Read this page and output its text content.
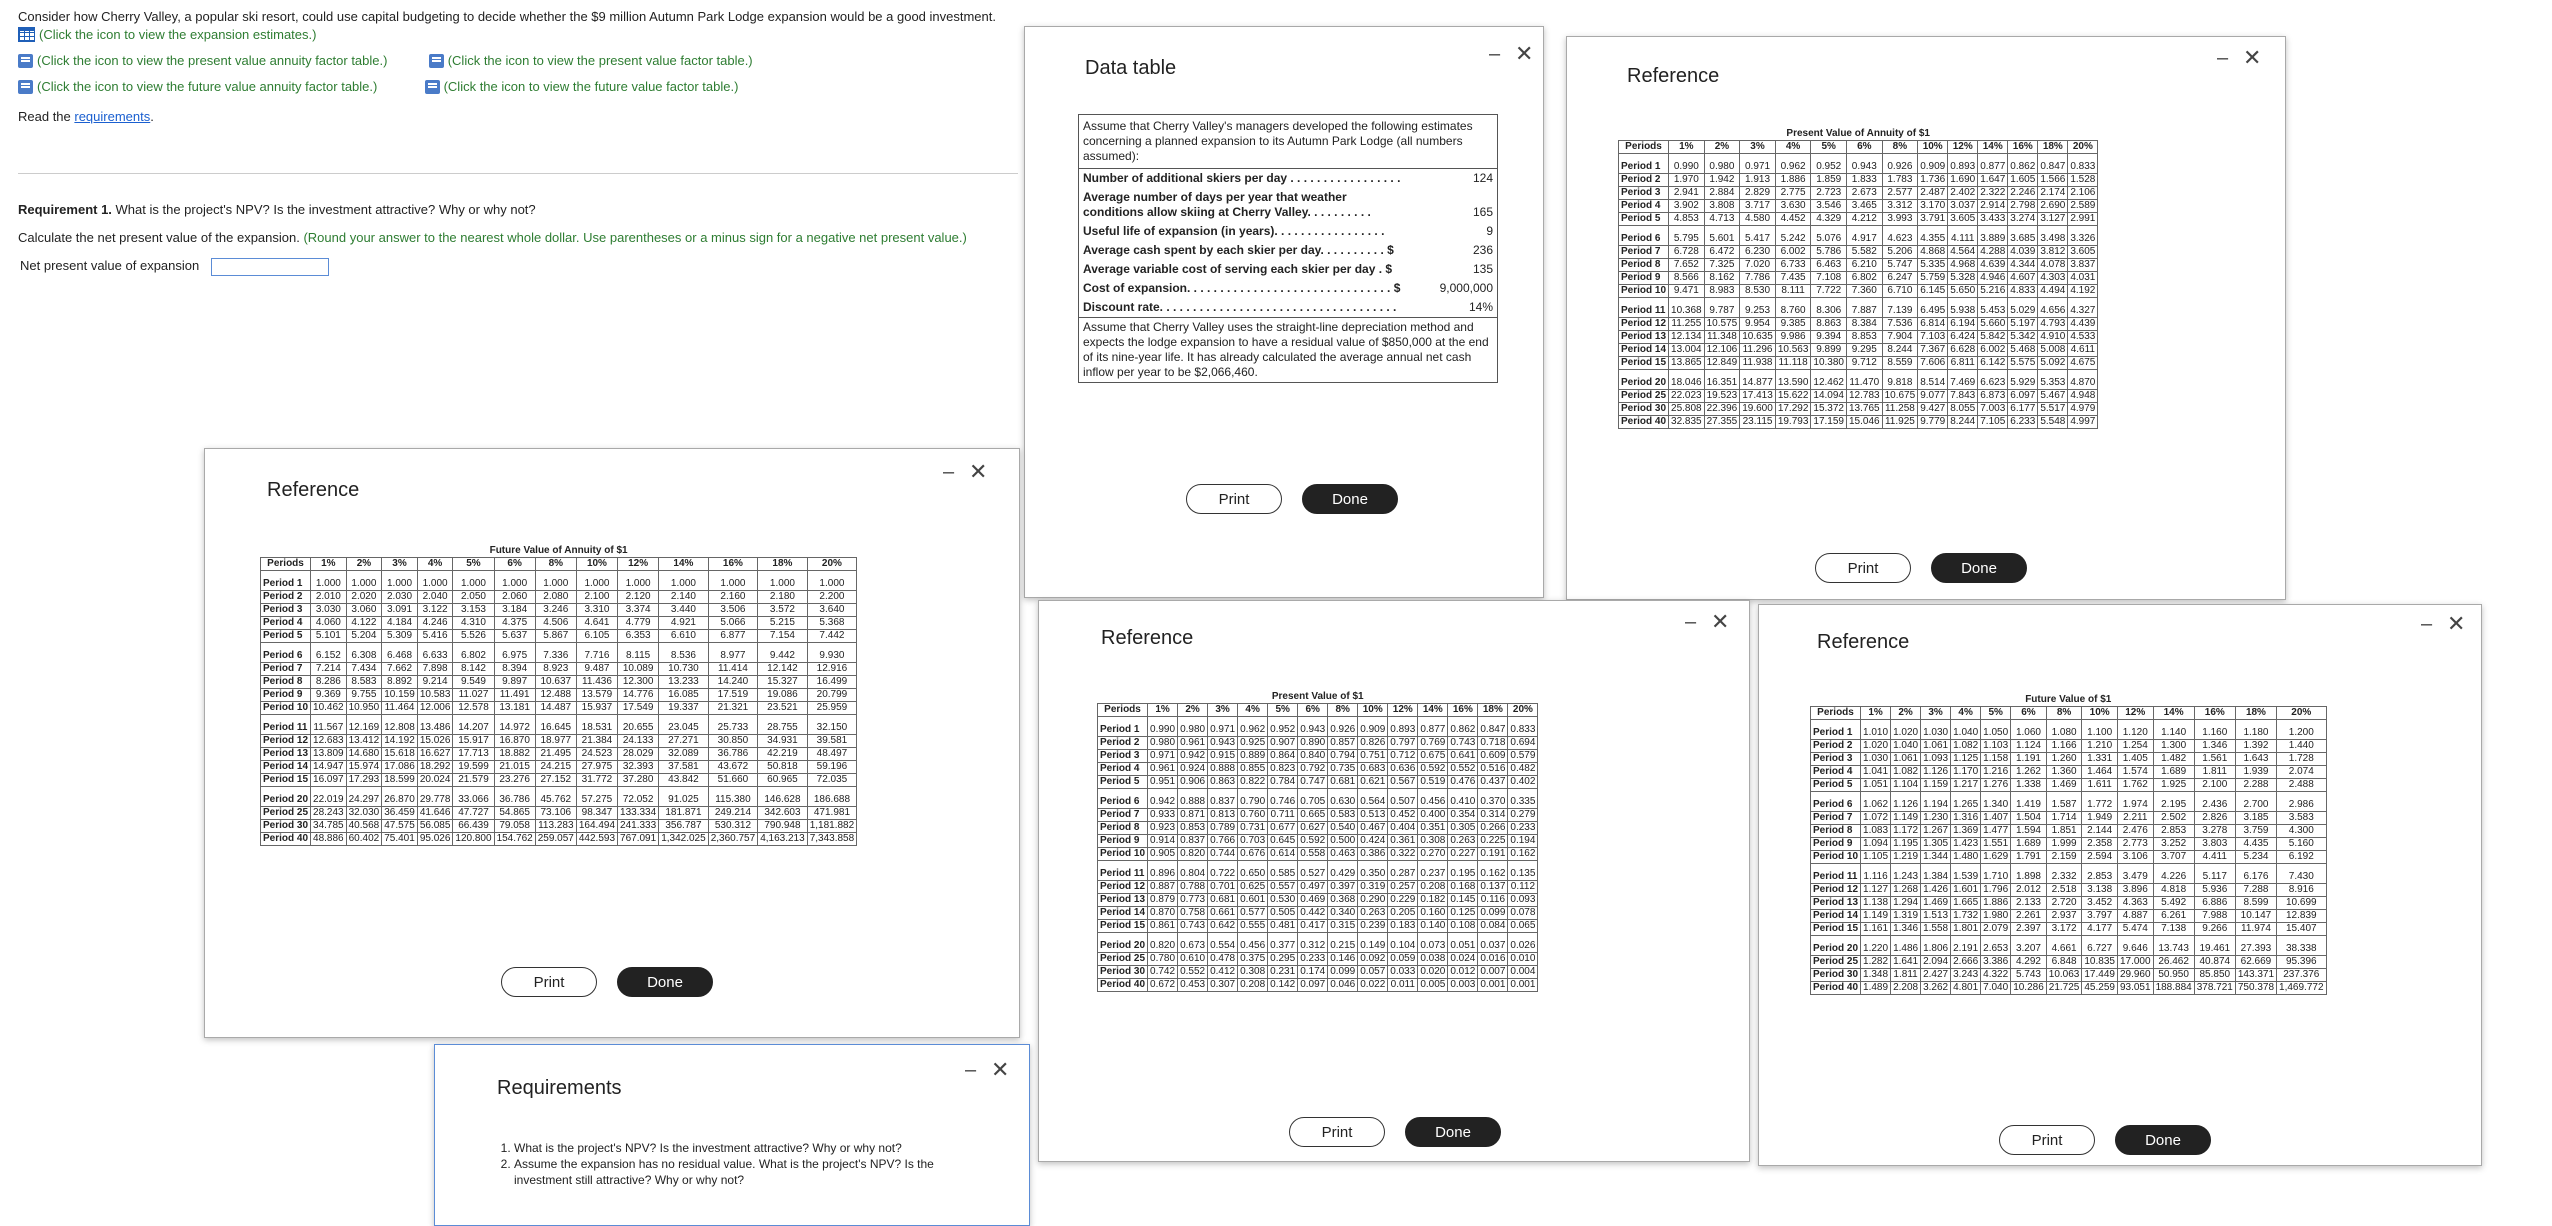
Consider how Cherry Valley, a popular ski resort, could use capital budgeting to decide whether the $9 million Autumn Park Lodge expansion would be a good investment.

(Click the icon to view the expansion estimates.)

(Click the icon to view the present value annuity factor table.)	(Click the icon to view the present value factor table.)

(Click the icon to view the future value annuity factor table.)	(Click the icon to view the future value factor table.)

Read the requirements.

Requirement 1. What is the project's NPV? Is the investment attractive? Why or why not?

Calculate the net present value of the expansion. (Round your answer to the nearest whole dollar. Use parentheses or a minus sign for a negative net present value.)

Net present value of expansion

Data table
– ✕
Assume that Cherry Valley's managers developed the following estimates concerning a planned expansion to its Autumn Park Lodge (all numbers assumed):
Number of additional skiers per day . . . . . . . . . . . . . . . . .	124
Average number of days per year that weather conditions allow skiing at Cherry Valley. . . . . . . . . .	165
Useful life of expansion (in years). . . . . . . . . . . . . . . . .	9
Average cash spent by each skier per day. . . . . . . . . . $	236
Average variable cost of serving each skier per day . $	135
Cost of expansion. . . . . . . . . . . . . . . . . . . . . . . . . . . . . . . $	9,000,000
Discount rate. . . . . . . . . . . . . . . . . . . . . . . . . . . . . . . . . . . .	14%
Assume that Cherry Valley uses the straight-line depreciation method and expects the lodge expansion to have a residual value of $850,000 at the end of its nine-year life. It has already calculated the average annual net cash inflow per year to be $2,066,460.
Print	Done
Reference
– ✕
Print	Done
Present Value of Annuity of $1													
Periods	1%	2%	3%	4%	5%	6%	8%	10%	12%	14%	16%	18%	20%
Period 1	0.990	0.980	0.971	0.962	0.952	0.943	0.926	0.909	0.893	0.877	0.862	0.847	0.833
Period 2	1.970	1.942	1.913	1.886	1.859	1.833	1.783	1.736	1.690	1.647	1.605	1.566	1.528
Period 3	2.941	2.884	2.829	2.775	2.723	2.673	2.577	2.487	2.402	2.322	2.246	2.174	2.106
Period 4	3.902	3.808	3.717	3.630	3.546	3.465	3.312	3.170	3.037	2.914	2.798	2.690	2.589
Period 5	4.853	4.713	4.580	4.452	4.329	4.212	3.993	3.791	3.605	3.433	3.274	3.127	2.991
Period 6	5.795	5.601	5.417	5.242	5.076	4.917	4.623	4.355	4.111	3.889	3.685	3.498	3.326
Period 7	6.728	6.472	6.230	6.002	5.786	5.582	5.206	4.868	4.564	4.288	4.039	3.812	3.605
Period 8	7.652	7.325	7.020	6.733	6.463	6.210	5.747	5.335	4.968	4.639	4.344	4.078	3.837
Period 9	8.566	8.162	7.786	7.435	7.108	6.802	6.247	5.759	5.328	4.946	4.607	4.303	4.031
Period 10	9.471	8.983	8.530	8.111	7.722	7.360	6.710	6.145	5.650	5.216	4.833	4.494	4.192
Period 11	10.368	9.787	9.253	8.760	8.306	7.887	7.139	6.495	5.938	5.453	5.029	4.656	4.327
Period 12	11.255	10.575	9.954	9.385	8.863	8.384	7.536	6.814	6.194	5.660	5.197	4.793	4.439
Period 13	12.134	11.348	10.635	9.986	9.394	8.853	7.904	7.103	6.424	5.842	5.342	4.910	4.533
Period 14	13.004	12.106	11.296	10.563	9.899	9.295	8.244	7.367	6.628	6.002	5.468	5.008	4.611
Period 15	13.865	12.849	11.938	11.118	10.380	9.712	8.559	7.606	6.811	6.142	5.575	5.092	4.675
Period 20	18.046	16.351	14.877	13.590	12.462	11.470	9.818	8.514	7.469	6.623	5.929	5.353	4.870
Period 25	22.023	19.523	17.413	15.622	14.094	12.783	10.675	9.077	7.843	6.873	6.097	5.467	4.948
Period 30	25.808	22.396	19.600	17.292	15.372	13.765	11.258	9.427	8.055	7.003	6.177	5.517	4.979
Period 40	32.835	27.355	23.115	19.793	17.159	15.046	11.925	9.779	8.244	7.105	6.233	5.548	4.997
Reference
– ✕
Print	Done
Future Value of Annuity of $1													
Periods	1%	2%	3%	4%	5%	6%	8%	10%	12%	14%	16%	18%	20%
Period 1	1.000	1.000	1.000	1.000	1.000	1.000	1.000	1.000	1.000	1.000	1.000	1.000	1.000
Period 2	2.010	2.020	2.030	2.040	2.050	2.060	2.080	2.100	2.120	2.140	2.160	2.180	2.200
Period 3	3.030	3.060	3.091	3.122	3.153	3.184	3.246	3.310	3.374	3.440	3.506	3.572	3.640
Period 4	4.060	4.122	4.184	4.246	4.310	4.375	4.506	4.641	4.779	4.921	5.066	5.215	5.368
Period 5	5.101	5.204	5.309	5.416	5.526	5.637	5.867	6.105	6.353	6.610	6.877	7.154	7.442
Period 6	6.152	6.308	6.468	6.633	6.802	6.975	7.336	7.716	8.115	8.536	8.977	9.442	9.930
Period 7	7.214	7.434	7.662	7.898	8.142	8.394	8.923	9.487	10.089	10.730	11.414	12.142	12.916
Period 8	8.286	8.583	8.892	9.214	9.549	9.897	10.637	11.436	12.300	13.233	14.240	15.327	16.499
Period 9	9.369	9.755	10.159	10.583	11.027	11.491	12.488	13.579	14.776	16.085	17.519	19.086	20.799
Period 10	10.462	10.950	11.464	12.006	12.578	13.181	14.487	15.937	17.549	19.337	21.321	23.521	25.959
Period 11	11.567	12.169	12.808	13.486	14.207	14.972	16.645	18.531	20.655	23.045	25.733	28.755	32.150
Period 12	12.683	13.412	14.192	15.026	15.917	16.870	18.977	21.384	24.133	27.271	30.850	34.931	39.581
Period 13	13.809	14.680	15.618	16.627	17.713	18.882	21.495	24.523	28.029	32.089	36.786	42.219	48.497
Period 14	14.947	15.974	17.086	18.292	19.599	21.015	24.215	27.975	32.393	37.581	43.672	50.818	59.196
Period 15	16.097	17.293	18.599	20.024	21.579	23.276	27.152	31.772	37.280	43.842	51.660	60.965	72.035
Period 20	22.019	24.297	26.870	29.778	33.066	36.786	45.762	57.275	72.052	91.025	115.380	146.628	186.688
Period 25	28.243	32.030	36.459	41.646	47.727	54.865	73.106	98.347	133.334	181.871	249.214	342.603	471.981
Period 30	34.785	40.568	47.575	56.085	66.439	79.058	113.283	164.494	241.333	356.787	530.312	790.948	1,181.882
Period 40	48.886	60.402	75.401	95.026	120.800	154.762	259.057	442.593	767.091	1,342.025	2,360.757	4,163.213	7,343.858
Reference
– ✕
Print	Done
Present Value of $1													
Periods	1%	2%	3%	4%	5%	6%	8%	10%	12%	14%	16%	18%	20%
Period 1	0.990	0.980	0.971	0.962	0.952	0.943	0.926	0.909	0.893	0.877	0.862	0.847	0.833
Period 2	0.980	0.961	0.943	0.925	0.907	0.890	0.857	0.826	0.797	0.769	0.743	0.718	0.694
Period 3	0.971	0.942	0.915	0.889	0.864	0.840	0.794	0.751	0.712	0.675	0.641	0.609	0.579
Period 4	0.961	0.924	0.888	0.855	0.823	0.792	0.735	0.683	0.636	0.592	0.552	0.516	0.482
Period 5	0.951	0.906	0.863	0.822	0.784	0.747	0.681	0.621	0.567	0.519	0.476	0.437	0.402
Period 6	0.942	0.888	0.837	0.790	0.746	0.705	0.630	0.564	0.507	0.456	0.410	0.370	0.335
Period 7	0.933	0.871	0.813	0.760	0.711	0.665	0.583	0.513	0.452	0.400	0.354	0.314	0.279
Period 8	0.923	0.853	0.789	0.731	0.677	0.627	0.540	0.467	0.404	0.351	0.305	0.266	0.233
Period 9	0.914	0.837	0.766	0.703	0.645	0.592	0.500	0.424	0.361	0.308	0.263	0.225	0.194
Period 10	0.905	0.820	0.744	0.676	0.614	0.558	0.463	0.386	0.322	0.270	0.227	0.191	0.162
Period 11	0.896	0.804	0.722	0.650	0.585	0.527	0.429	0.350	0.287	0.237	0.195	0.162	0.135
Period 12	0.887	0.788	0.701	0.625	0.557	0.497	0.397	0.319	0.257	0.208	0.168	0.137	0.112
Period 13	0.879	0.773	0.681	0.601	0.530	0.469	0.368	0.290	0.229	0.182	0.145	0.116	0.093
Period 14	0.870	0.758	0.661	0.577	0.505	0.442	0.340	0.263	0.205	0.160	0.125	0.099	0.078
Period 15	0.861	0.743	0.642	0.555	0.481	0.417	0.315	0.239	0.183	0.140	0.108	0.084	0.065
Period 20	0.820	0.673	0.554	0.456	0.377	0.312	0.215	0.149	0.104	0.073	0.051	0.037	0.026
Period 25	0.780	0.610	0.478	0.375	0.295	0.233	0.146	0.092	0.059	0.038	0.024	0.016	0.010
Period 30	0.742	0.552	0.412	0.308	0.231	0.174	0.099	0.057	0.033	0.020	0.012	0.007	0.004
Period 40	0.672	0.453	0.307	0.208	0.142	0.097	0.046	0.022	0.011	0.005	0.003	0.001	0.001
Reference
– ✕
Print	Done
Future Value of $1													
Periods	1%	2%	3%	4%	5%	6%	8%	10%	12%	14%	16%	18%	20%
Period 1	1.010	1.020	1.030	1.040	1.050	1.060	1.080	1.100	1.120	1.140	1.160	1.180	1.200
Period 2	1.020	1.040	1.061	1.082	1.103	1.124	1.166	1.210	1.254	1.300	1.346	1.392	1.440
Period 3	1.030	1.061	1.093	1.125	1.158	1.191	1.260	1.331	1.405	1.482	1.561	1.643	1.728
Period 4	1.041	1.082	1.126	1.170	1.216	1.262	1.360	1.464	1.574	1.689	1.811	1.939	2.074
Period 5	1.051	1.104	1.159	1.217	1.276	1.338	1.469	1.611	1.762	1.925	2.100	2.288	2.488
Period 6	1.062	1.126	1.194	1.265	1.340	1.419	1.587	1.772	1.974	2.195	2.436	2.700	2.986
Period 7	1.072	1.149	1.230	1.316	1.407	1.504	1.714	1.949	2.211	2.502	2.826	3.185	3.583
Period 8	1.083	1.172	1.267	1.369	1.477	1.594	1.851	2.144	2.476	2.853	3.278	3.759	4.300
Period 9	1.094	1.195	1.305	1.423	1.551	1.689	1.999	2.358	2.773	3.252	3.803	4.435	5.160
Period 10	1.105	1.219	1.344	1.480	1.629	1.791	2.159	2.594	3.106	3.707	4.411	5.234	6.192
Period 11	1.116	1.243	1.384	1.539	1.710	1.898	2.332	2.853	3.479	4.226	5.117	6.176	7.430
Period 12	1.127	1.268	1.426	1.601	1.796	2.012	2.518	3.138	3.896	4.818	5.936	7.288	8.916
Period 13	1.138	1.294	1.469	1.665	1.886	2.133	2.720	3.452	4.363	5.492	6.886	8.599	10.699
Period 14	1.149	1.319	1.513	1.732	1.980	2.261	2.937	3.797	4.887	6.261	7.988	10.147	12.839
Period 15	1.161	1.346	1.558	1.801	2.079	2.397	3.172	4.177	5.474	7.138	9.266	11.974	15.407
Period 20	1.220	1.486	1.806	2.191	2.653	3.207	4.661	6.727	9.646	13.743	19.461	27.393	38.338
Period 25	1.282	1.641	2.094	2.666	3.386	4.292	6.848	10.835	17.000	26.462	40.874	62.669	95.396
Period 30	1.348	1.811	2.427	3.243	4.322	5.743	10.063	17.449	29.960	50.950	85.850	143.371	237.376
Period 40	1.489	2.208	3.262	4.801	7.040	10.286	21.725	45.259	93.051	188.884	378.721	750.378	1,469.772
Requirements
– ✕
1. What is the project's NPV? Is the investment attractive? Why or why not?
2. Assume the expansion has no residual value. What is the project's NPV? Is the investment still attractive? Why or why not?
